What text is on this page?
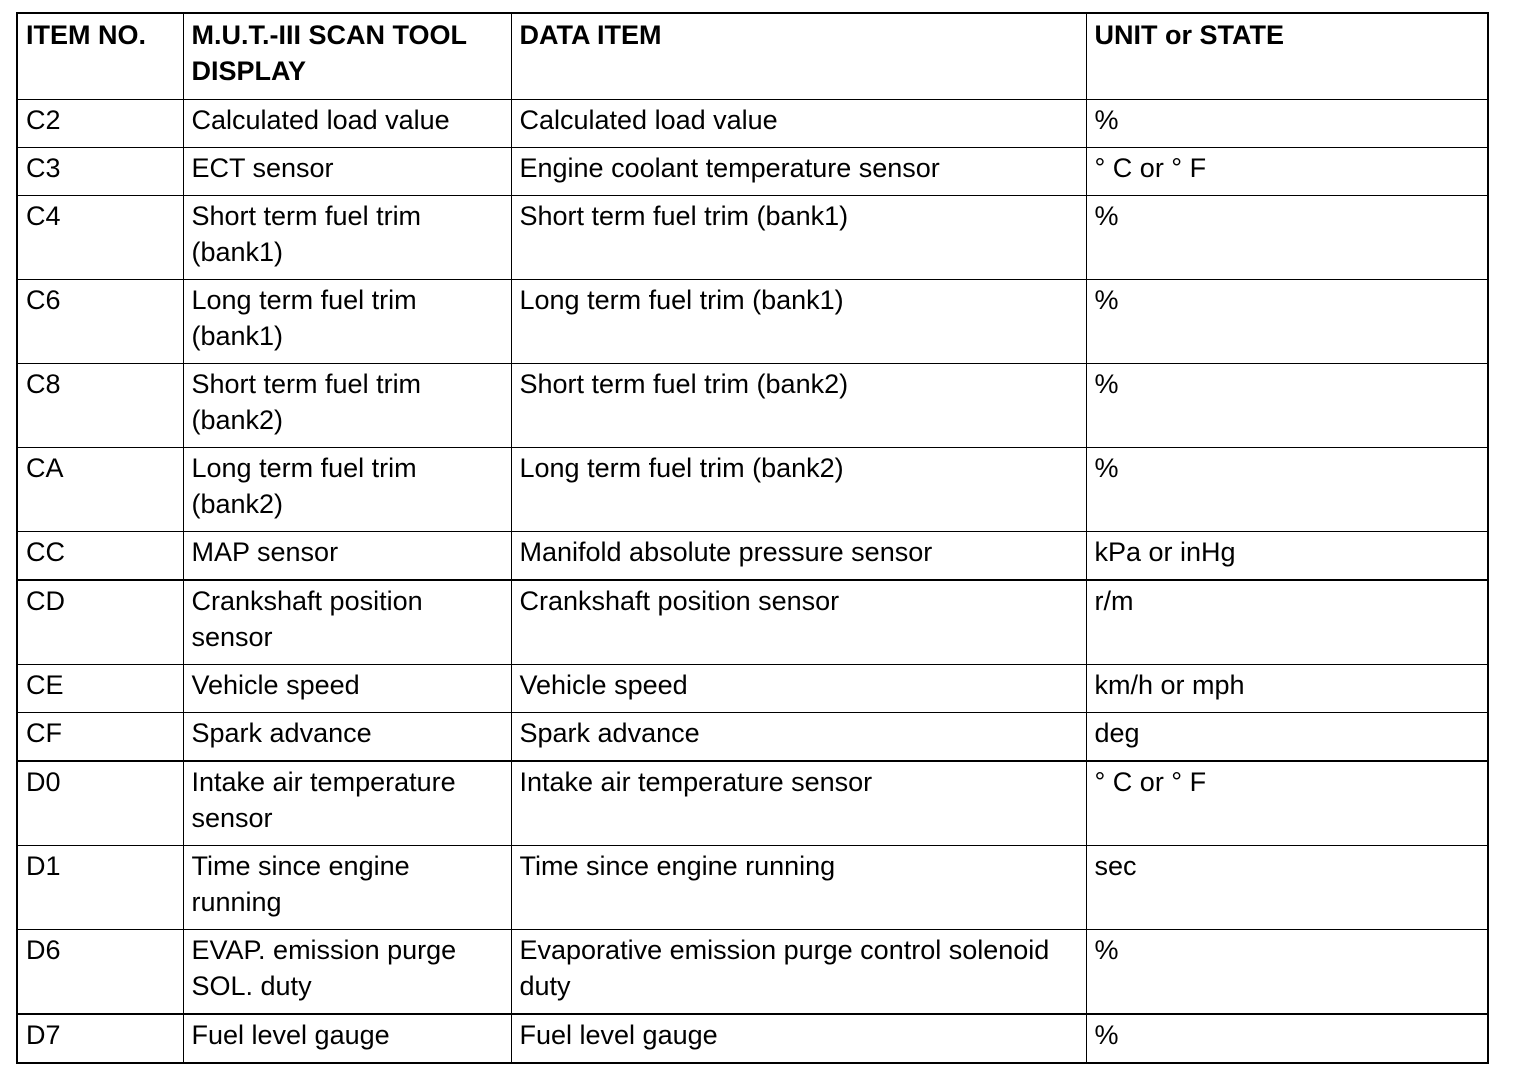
ITEM NO.	M.U.T.-III SCAN TOOL DISPLAY	DATA ITEM	UNIT or STATE
C2	Calculated load value	Calculated load value	%
C3	ECT sensor	Engine coolant temperature sensor	° C or ° F
C4	Short term fuel trim (bank1)	Short term fuel trim (bank1)	%
C6	Long term fuel trim (bank1)	Long term fuel trim (bank1)	%
C8	Short term fuel trim (bank2)	Short term fuel trim (bank2)	%
CA	Long term fuel trim (bank2)	Long term fuel trim (bank2)	%
CC	MAP sensor	Manifold absolute pressure sensor	kPa or inHg
CD	Crankshaft position sensor	Crankshaft position sensor	r/m
CE	Vehicle speed	Vehicle speed	km/h or mph
CF	Spark advance	Spark advance	deg
D0	Intake air temperature sensor	Intake air temperature sensor	° C or ° F
D1	Time since engine running	Time since engine running	sec
D6	EVAP. emission purge SOL. duty	Evaporative emission purge control solenoid duty	%
D7	Fuel level gauge	Fuel level gauge	%
